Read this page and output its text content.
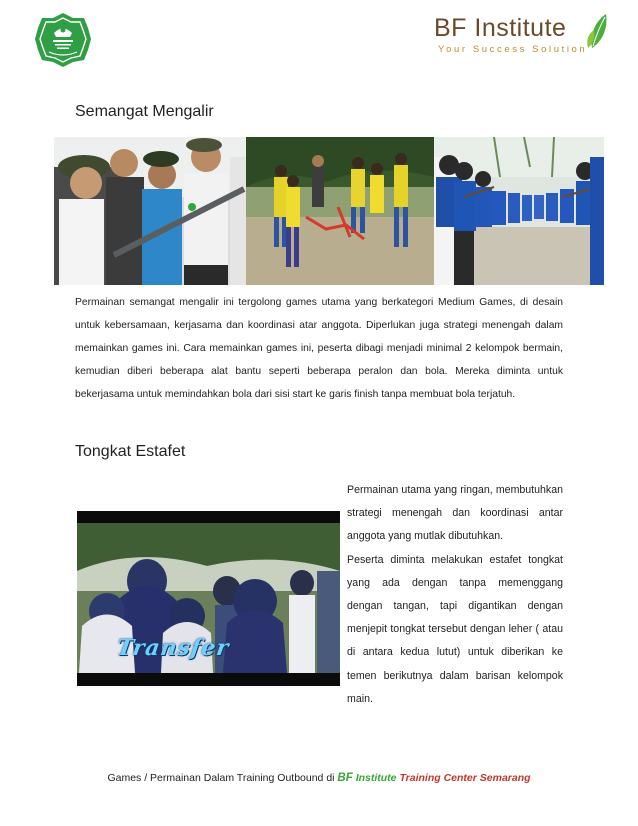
BF Institute
Your Success Solution
Semangat Mengalir
Permainan semangat mengalir ini tergolong games utama yang berkategori Medium Games, di desain untuk kebersamaan, kerjasama dan koordinasi atar anggota. Diperlukan juga strategi menengah dalam memainkan games ini. Cara memainkan games ini, peserta dibagi menjadi minimal 2 kelompok bermain, kemudian diberi beberapa alat bantu seperti beberapa peralon dan bola. Mereka diminta untuk bekerjasama untuk memindahkan bola dari sisi start ke garis finish tanpa membuat bola terjatuh.
Tongkat Estafet
Transfer

Permainan utama yang ringan, membutuhkan strategi menengah dan koordinasi antar anggota yang mutlak dibutuhkan.

Peserta diminta melakukan estafet tongkat yang ada dengan tanpa memenggang dengan tangan, tapi digantikan dengan menjepit tongkat tersebut dengan leher ( atau di antara kedua lutut) untuk diberikan ke temen berikutnya dalam barisan kelompok main.

Games / Permainan Dalam Training Outbound di BF Institute Training Center Semarang
